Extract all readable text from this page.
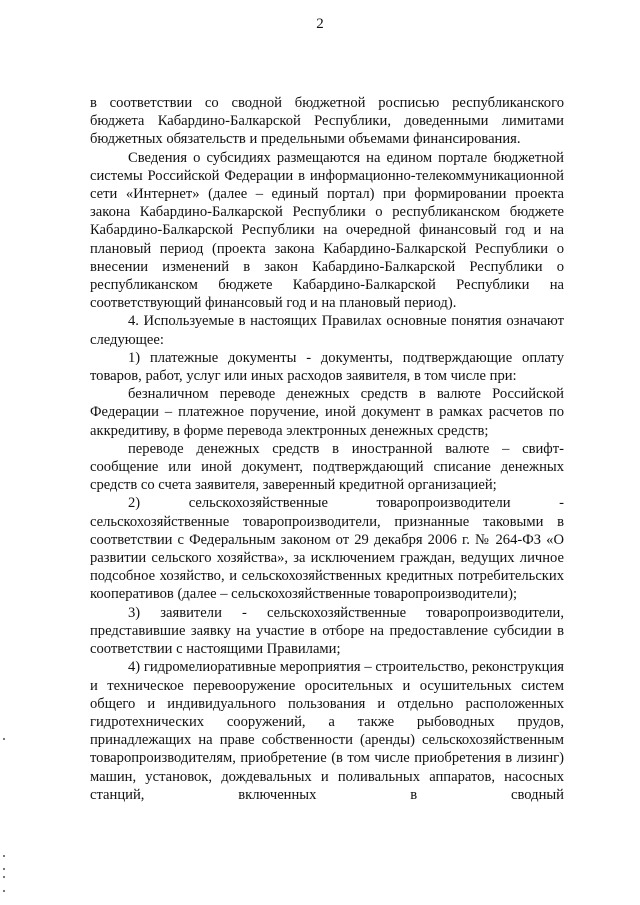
2

в соответствии со сводной бюджетной росписью республиканского бюджета Кабардино-Балкарской Республики, доведенными лимитами бюджетных обязательств и предельными объемами финансирования.

Сведения о субсидиях размещаются на едином портале бюджетной системы Российской Федерации в информационно-телекоммуникационной сети «Интернет» (далее – единый портал) при формировании проекта закона Кабардино-Балкарской Республики о республиканском бюджете Кабардино-Балкарской Республики на очередной финансовый год и на плановый период (проекта закона Кабардино-Балкарской Республики о внесении изменений в закон Кабардино-Балкарской Республики о республиканском бюджете Кабардино-Балкарской Республики на соответствующий финансовый год и на плановый период).

4. Используемые в настоящих Правилах основные понятия означают следующее:

1) платежные документы - документы, подтверждающие оплату товаров, работ, услуг или иных расходов заявителя, в том числе при:

безналичном переводе денежных средств в валюте Российской Федерации – платежное поручение, иной документ в рамках расчетов по аккредитиву, в форме перевода электронных денежных средств;

переводе денежных средств в иностранной валюте – свифт-сообщение или иной документ, подтверждающий списание денежных средств со счета заявителя, заверенный кредитной организацией;

2) сельскохозяйственные товаропроизводители - сельскохозяйственные товаропроизводители, признанные таковыми в соответствии с Федеральным законом от 29 декабря 2006 г. № 264-ФЗ «О развитии сельского хозяйства», за исключением граждан, ведущих личное подсобное хозяйство, и сельскохозяйственных кредитных потребительских кооперативов (далее – сельскохозяйственные товаропроизводители);

3) заявители - сельскохозяйственные товаропроизводители, представившие заявку на участие в отборе на предоставление субсидии в соответствии с настоящими Правилами;

4) гидромелиоративные мероприятия – строительство, реконструкция и техническое перевооружение оросительных и осушительных систем общего и индивидуального пользования и отдельно расположенных гидротехнических сооружений, а также рыбоводных прудов, принадлежащих на праве собственности (аренды) сельскохозяйственным товаропроизводителям, приобретение (в том числе приобретения в лизинг) машин, установок, дождевальных и поливальных аппаратов, насосных станций, включенных в сводный
